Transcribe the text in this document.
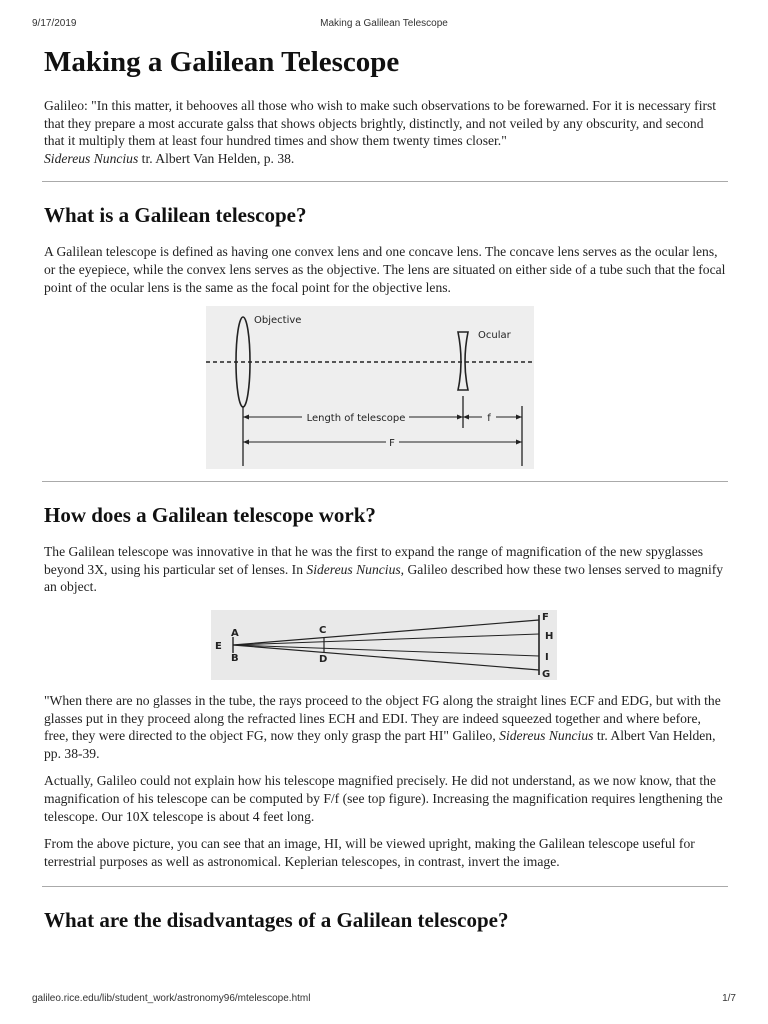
9/17/2019	Making a Galilean Telescope
Making a Galilean Telescope

Galileo: "In this matter, it behooves all those who wish to make such observations to be forewarned. For it is necessary first that they prepare a most accurate galss that shows objects brightly, distinctly, and not veiled by any obscurity, and second that it multiply them at least four hundred times and show them twenty times closer."
Sidereus Nuncius tr. Albert Van Helden, p. 38.

What is a Galilean telescope?

A Galilean telescope is defined as having one convex lens and one concave lens. The concave lens serves as the ocular lens, or the eyepiece, while the convex lens serves as the objective. The lens are situated on either side of a tube such that the focal point of the ocular lens is the same as the focal point for the objective lens.

Objective
Ocular
Length of telescope	f
F
How does a Galilean telescope work?

The Galilean telescope was innovative in that he was the first to expand the range of magnification of the new spyglasses beyond 3X, using his particular set of lenses. In Sidereus Nuncius, Galileo described how these two lenses served to magnify an object.

E
A
B
C
D
F
H
I
G

"When there are no glasses in the tube, the rays proceed to the object FG along the straight lines ECF and EDG, but with the glasses put in they proceed along the refracted lines ECH and EDI. They are indeed squeezed together and where before, free, they were directed to the object FG, now they only grasp the part HI" Galileo, Sidereus Nuncius tr. Albert Van Helden, pp. 38-39.

Actually, Galileo could not explain how his telescope magnified precisely. He did not understand, as we now know, that the magnification of his telescope can be computed by F/f (see top figure). Increasing the magnification requires lengthening the telescope. Our 10X telescope is about 4 feet long.

From the above picture, you can see that an image, HI, will be viewed upright, making the Galilean telescope useful for terrestrial purposes as well as astronomical. Keplerian telescopes, in contrast, invert the image.

What are the disadvantages of a Galilean telescope?
galileo.rice.edu/lib/student_work/astronomy96/mtelescope.html	1/7
